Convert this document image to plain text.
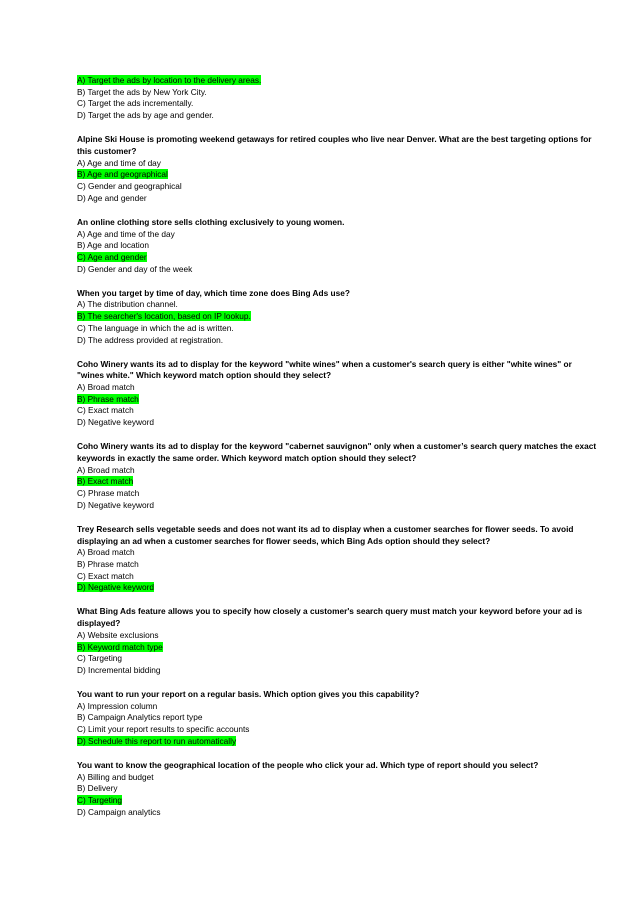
A) Target the ads by location to the delivery areas.
B) Target the ads by New York City.
C) Target the ads incrementally.
D) Target the ads by age and gender.
Alpine Ski House is promoting weekend getaways for retired couples who live near Denver. What are the best targeting options for this customer?
A) Age and time of day
B) Age and geographical
C) Gender and geographical
D) Age and gender
An online clothing store sells clothing exclusively to young women.
A) Age and time of the day
B) Age and location
C) Age and gender
D) Gender and day of the week
When you target by time of day, which time zone does Bing Ads use?
A) The distribution channel.
B) The searcher's location, based on IP lookup.
C) The language in which the ad is written.
D) The address provided at registration.
Coho Winery wants its ad to display for the keyword "white wines" when a customer's search query is either "white wines" or "wines white." Which keyword match option should they select?
A) Broad match
B) Phrase match
C) Exact match
D) Negative keyword
Coho Winery wants its ad to display for the keyword "cabernet sauvignon" only when a customer’s search query matches the exact keywords in exactly the same order. Which keyword match option should they select?
A) Broad match
B) Exact match
C) Phrase match
D) Negative keyword
Trey Research sells vegetable seeds and does not want its ad to display when a customer searches for flower seeds. To avoid displaying an ad when a customer searches for flower seeds, which Bing Ads option should they select?
A) Broad match
B) Phrase match
C) Exact match
D) Negative keyword
What Bing Ads feature allows you to specify how closely a customer's search query must match your keyword before your ad is displayed?
A) Website exclusions
B) Keyword match type
C) Targeting
D) Incremental bidding
You want to run your report on a regular basis. Which option gives you this capability?
A) Impression column
B) Campaign Analytics report type
C) Limit your report results to specific accounts
D) Schedule this report to run automatically
You want to know the geographical location of the people who click your ad. Which type of report should you select?
A) Billing and budget
B) Delivery
C) Targeting
D) Campaign analytics
